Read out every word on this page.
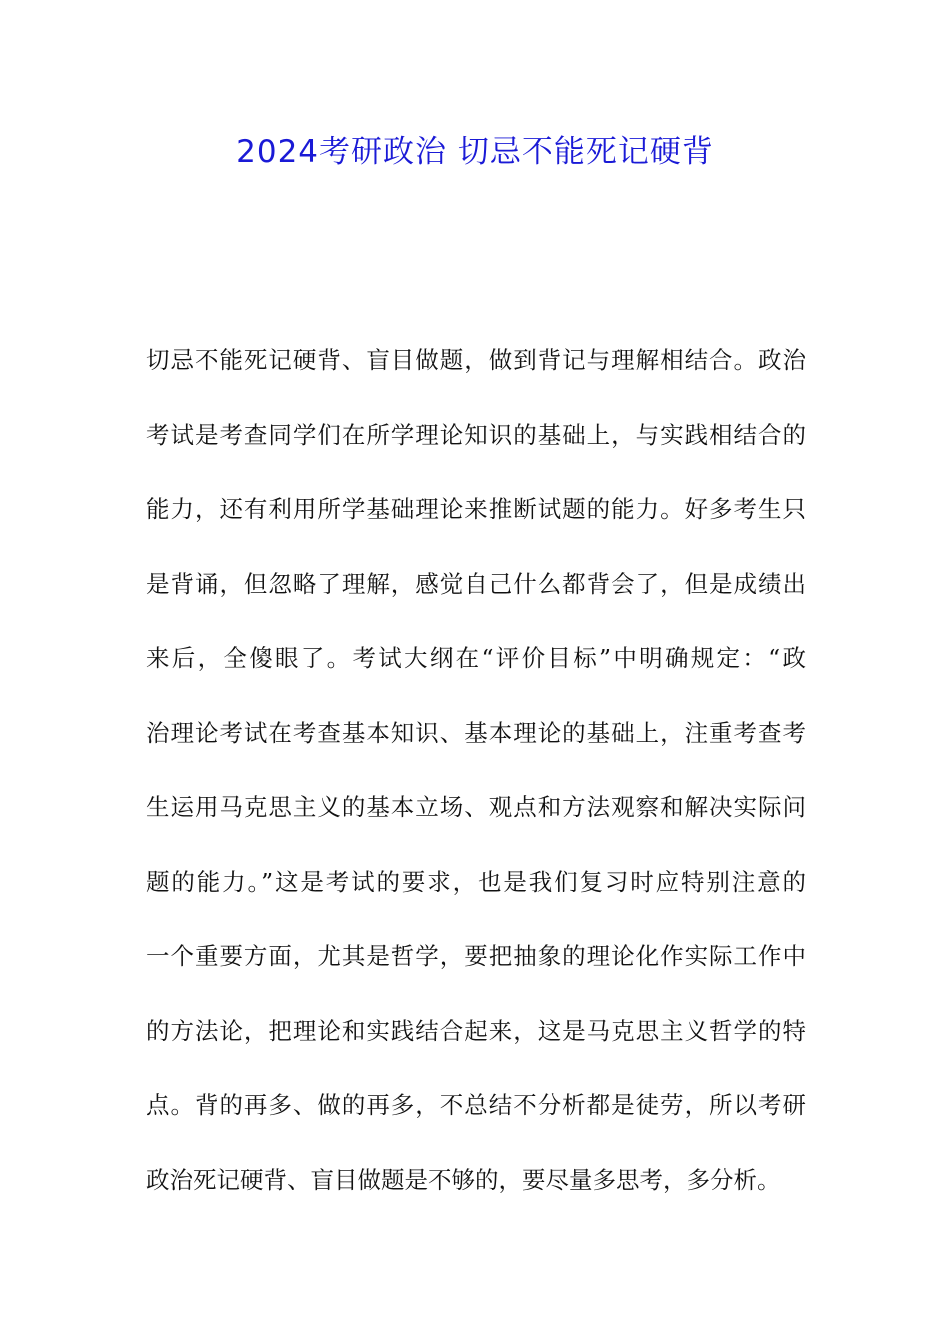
2024考研政治 切忌不能死记硬背
切忌不能死记硬背、盲目做题，做到背记与理解相结合。政治
考试是考查同学们在所学理论知识的基础上，与实践相结合的
能力，还有利用所学基础理论来推断试题的能力。好多考生只
是背诵，但忽略了理解，感觉自己什么都背会了，但是成绩出
来后，全傻眼了。考试大纲在“评价目标”中明确规定：“政
治理论考试在考查基本知识、基本理论的基础上，注重考查考
生运用马克思主义的基本立场、观点和方法观察和解决实际问
题的能力。”这是考试的要求，也是我们复习时应特别注意的
一个重要方面，尤其是哲学，要把抽象的理论化作实际工作中
的方法论，把理论和实践结合起来，这是马克思主义哲学的特
点。背的再多、做的再多，不总结不分析都是徒劳，所以考研
政治死记硬背、盲目做题是不够的，要尽量多思考，多分析。
